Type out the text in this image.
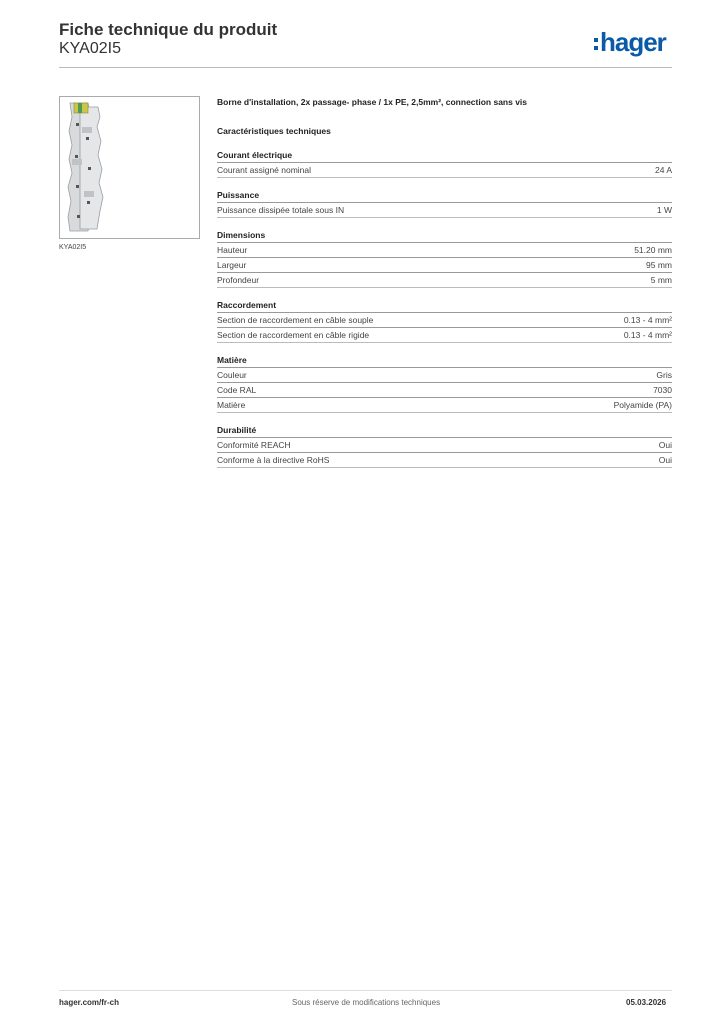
Fiche technique du produit
KYA02I5	hager
KYA02I5
Borne d'installation, 2x passage- phase / 1x PE, 2,5mm², connection sans vis
Caractéristiques techniques
Courant électrique
Courant assigné nominal	24 A
Puissance
Puissance dissipée totale sous IN	1 W
Dimensions
Hauteur	51.20 mm
Largeur	95 mm
Profondeur	5 mm
Raccordement
Section de raccordement en câble souple	0.13 - 4 mm²
Section de raccordement en câble rigide	0.13 - 4 mm²
Matière
Couleur	Gris
Code RAL	7030
Matière	Polyamide (PA)
Durabilité
Conformité REACH	Oui
Conforme à la directive RoHS	Oui
hager.com/fr-ch	Sous réserve de modifications techniques	05.03.2026
